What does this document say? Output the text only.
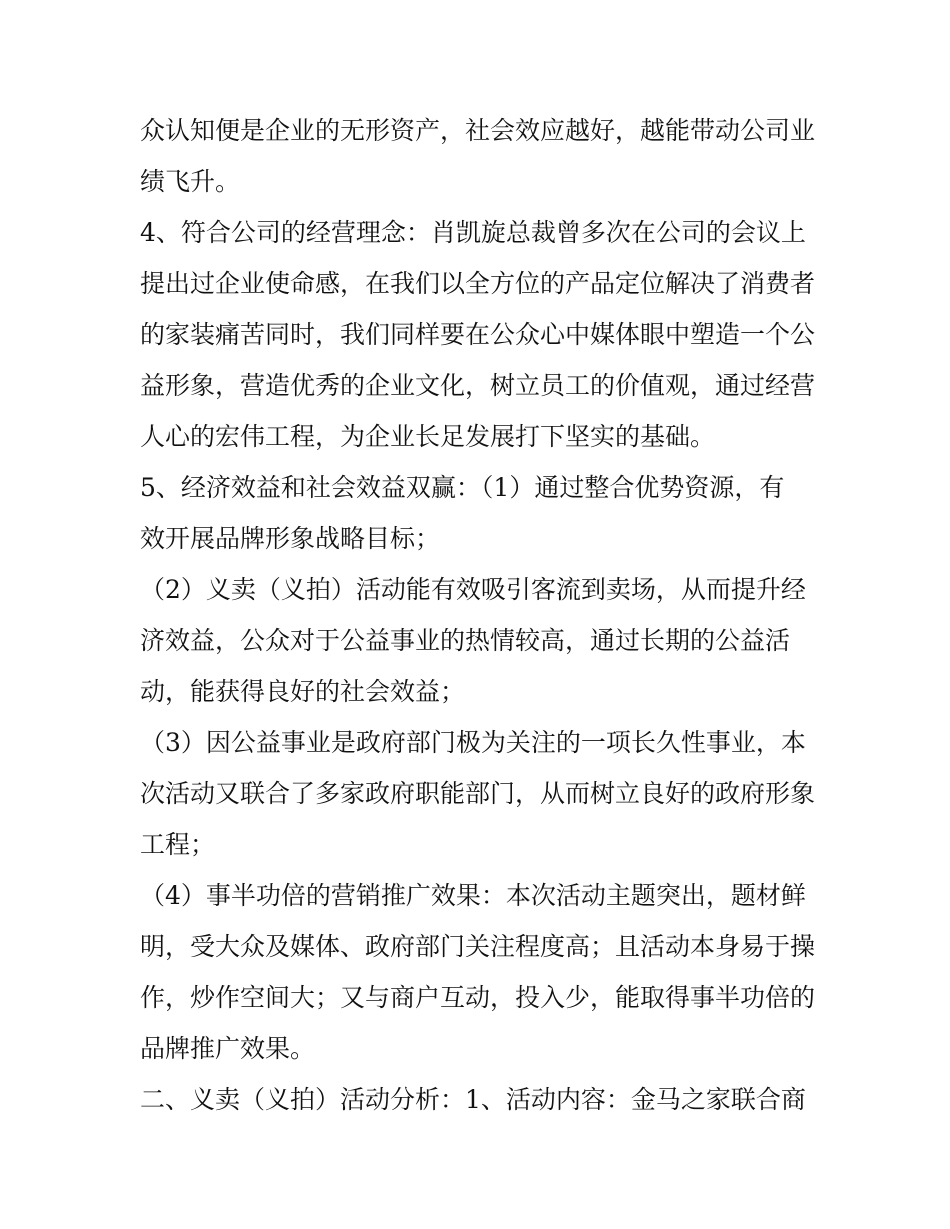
众认知便是企业的无形资产，社会效应越好，越能带动公司业
绩飞升。
4、符合公司的经营理念：肖凯旋总裁曾多次在公司的会议上
提出过企业使命感，在我们以全方位的产品定位解决了消费者
的家装痛苦同时，我们同样要在公众心中媒体眼中塑造一个公
益形象，营造优秀的企业文化，树立员工的价值观，通过经营
人心的宏伟工程，为企业长足发展打下坚实的基础。
5、经济效益和社会效益双赢：（1）通过整合优势资源，有
效开展品牌形象战略目标；
（2）义卖（义拍）活动能有效吸引客流到卖场，从而提升经
济效益，公众对于公益事业的热情较高，通过长期的公益活
动，能获得良好的社会效益；
（3）因公益事业是政府部门极为关注的一项长久性事业，本
次活动又联合了多家政府职能部门，从而树立良好的政府形象
工程；
（4）事半功倍的营销推广效果：本次活动主题突出，题材鲜
明，受大众及媒体、政府部门关注程度高；且活动本身易于操
作，炒作空间大；又与商户互动，投入少，能取得事半功倍的
品牌推广效果。
二、义卖（义拍）活动分析：1、活动内容：金马之家联合商
